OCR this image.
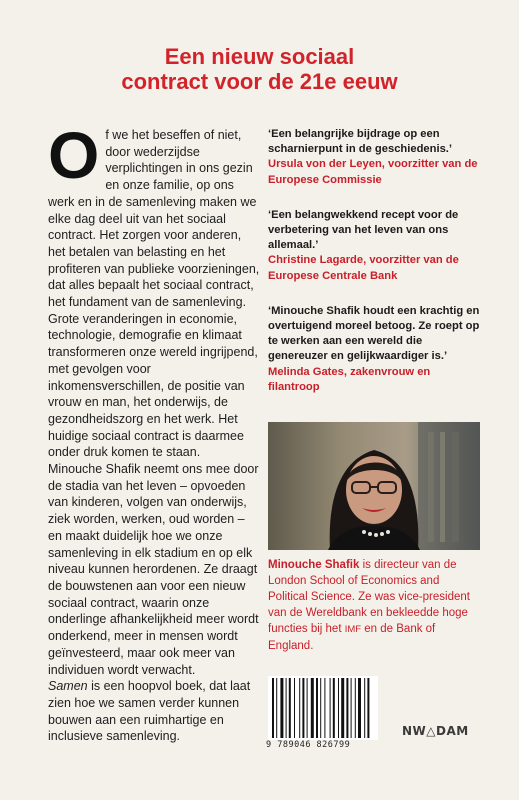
Een nieuw sociaal
contract voor de 21e eeuw
O f we het beseffen of niet, door wederzijdse verplichtingen in ons gezin en onze familie, op ons werk en in de samenleving maken we elke dag deel uit van het sociaal contract. Het zorgen voor anderen, het betalen van belasting en het profiteren van publieke voorzieningen, dat alles bepaalt het sociaal contract, het fundament van de samenleving. Grote veranderingen in economie, technologie, demografie en klimaat transformeren onze wereld ingrijpend, met gevolgen voor inkomensverschillen, de positie van vrouw en man, het onderwijs, de gezondheidszorg en het werk. Het huidige sociaal contract is daarmee onder druk komen te staan.

Minouche Shafik neemt ons mee door de stadia van het leven – opvoeden van kinderen, volgen van onderwijs, ziek worden, werken, oud worden – en maakt duidelijk hoe we onze samenleving in elk stadium en op elk niveau kunnen herordenen. Ze draagt de bouwstenen aan voor een nieuw sociaal contract, waarin onze onderlinge afhankelijkheid meer wordt onderkend, meer in mensen wordt geïnvesteerd, maar ook meer van individuen wordt verwacht.

Samen is een hoopvol boek, dat laat zien hoe we samen verder kunnen bouwen aan een ruimhartige en inclusieve samenleving.

‘Een belangrijke bijdrage op een scharnierpunt in de geschiedenis.’ Ursula von der Leyen, voorzitter van de Europese Commissie
‘Een belangwekkend recept voor de verbetering van het leven van ons allemaal.’
Christine Lagarde, voorzitter van de Europese Centrale Bank
‘Minouche Shafik houdt een krachtig en overtuigend moreel betoog. Ze roept op te werken aan een wereld die genereuzer en gelijkwaardiger is.’
Melinda Gates, zakenvrouw en filantroop
Minouche Shafik is directeur van de London School of Economics and Political Science. Ze was vice-president van de Wereldbank en bekleedde hoge functies bij het IMF en de Bank of England.
9 789046 826799
NW△DAM
